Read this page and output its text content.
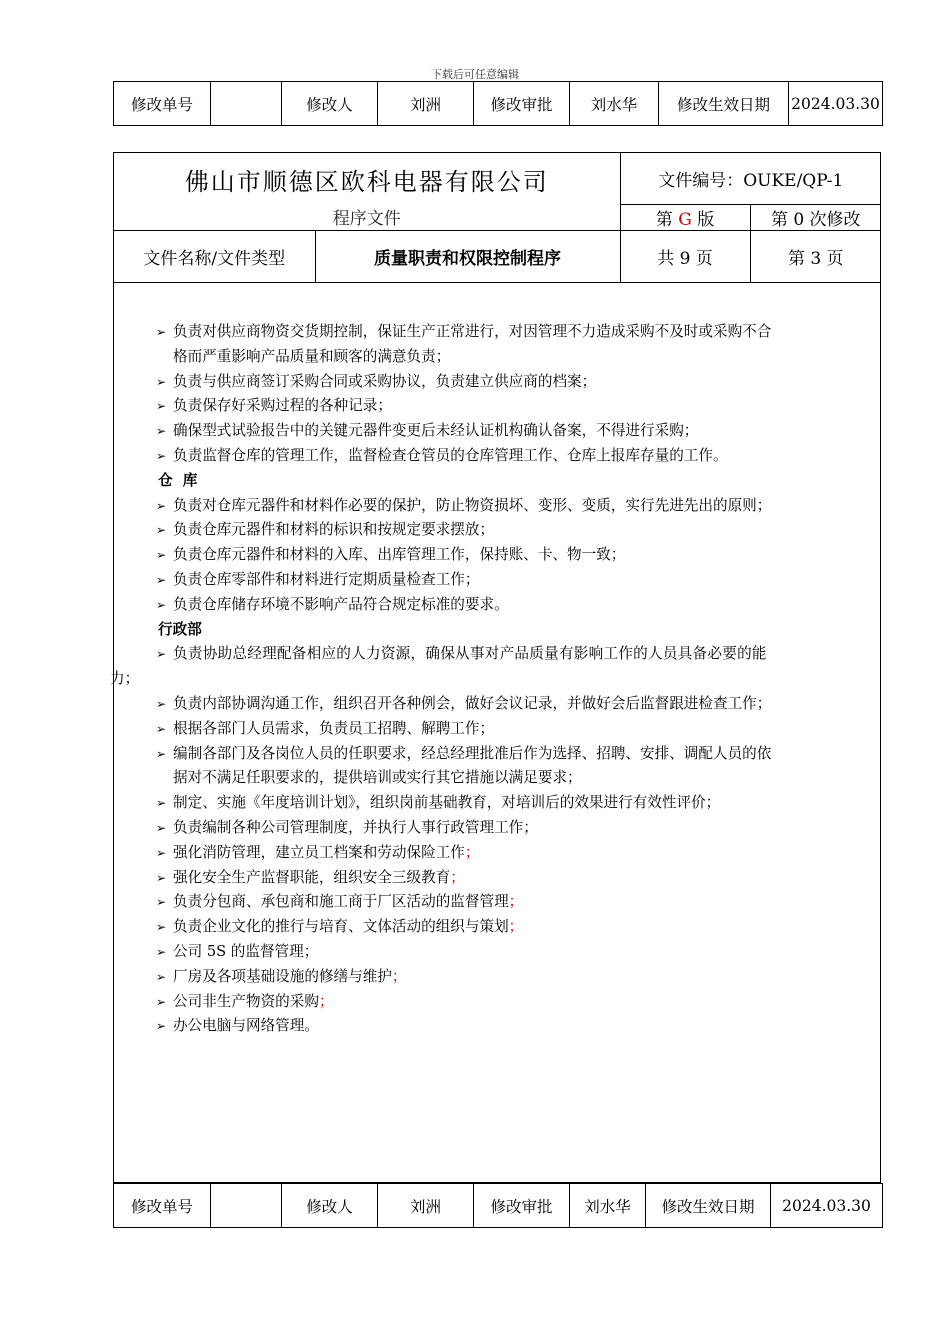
下载后可任意编辑
修改单号		修改人	刘洲	修改审批	刘水华	修改生效日期	2024.03.30
佛山市顺德区欧科电器有限公司		文件编号：OUKE/QP-1	
程序文件		第 G 版	第 0 次修改
文件名称/文件类型	质量职责和权限控制程序	共 9 页	第 3 页
➢ 负责对供应商物资交货期控制，保证生产正常进行，对因管理不力造成采购不及时或采购不合
格而严重影响产品质量和顾客的满意负责；
➢ 负责与供应商签订采购合同或采购协议，负责建立供应商的档案；
➢ 负责保存好采购过程的各种记录；
➢ 确保型式试验报告中的关键元器件变更后未经认证机构确认备案，不得进行采购；
➢ 负责监督仓库的管理工作，监督检查仓管员的仓库管理工作、仓库上报库存量的工作。
仓  库
➢ 负责对仓库元器件和材料作必要的保护，防止物资损坏、变形、变质，实行先进先出的原则；
➢ 负责仓库元器件和材料的标识和按规定要求摆放；
➢ 负责仓库元器件和材料的入库、出库管理工作，保持账、卡、物一致；
➢ 负责仓库零部件和材料进行定期质量检查工作；
➢ 负责仓库储存环境不影响产品符合规定标准的要求。
行政部
➢ 负责协助总经理配备相应的人力资源，确保从事对产品质量有影响工作的人员具备必要的能
力；
➢ 负责内部协调沟通工作，组织召开各种例会，做好会议记录，并做好会后监督跟进检查工作；
➢ 根据各部门人员需求，负责员工招聘、解聘工作；
➢ 编制各部门及各岗位人员的任职要求，经总经理批准后作为选择、招聘、安排、调配人员的依
据对不满足任职要求的，提供培训或实行其它措施以满足要求；
➢ 制定、实施《年度培训计划》，组织岗前基础教育，对培训后的效果进行有效性评价；
➢ 负责编制各种公司管理制度，并执行人事行政管理工作；
➢ 强化消防管理，建立员工档案和劳动保险工作；
➢ 强化安全生产监督职能，组织安全三级教育；
➢ 负责分包商、承包商和施工商于厂区活动的监督管理；
➢ 负责企业文化的推行与培育、文体活动的组织与策划；
➢ 公司 5S 的监督管理；
➢ 厂房及各项基础设施的修缮与维护；
➢ 公司非生产物资的采购；
➢ 办公电脑与网络管理。
修改单号		修改人	刘洲	修改审批	刘水华	修改生效日期	2024.03.30
